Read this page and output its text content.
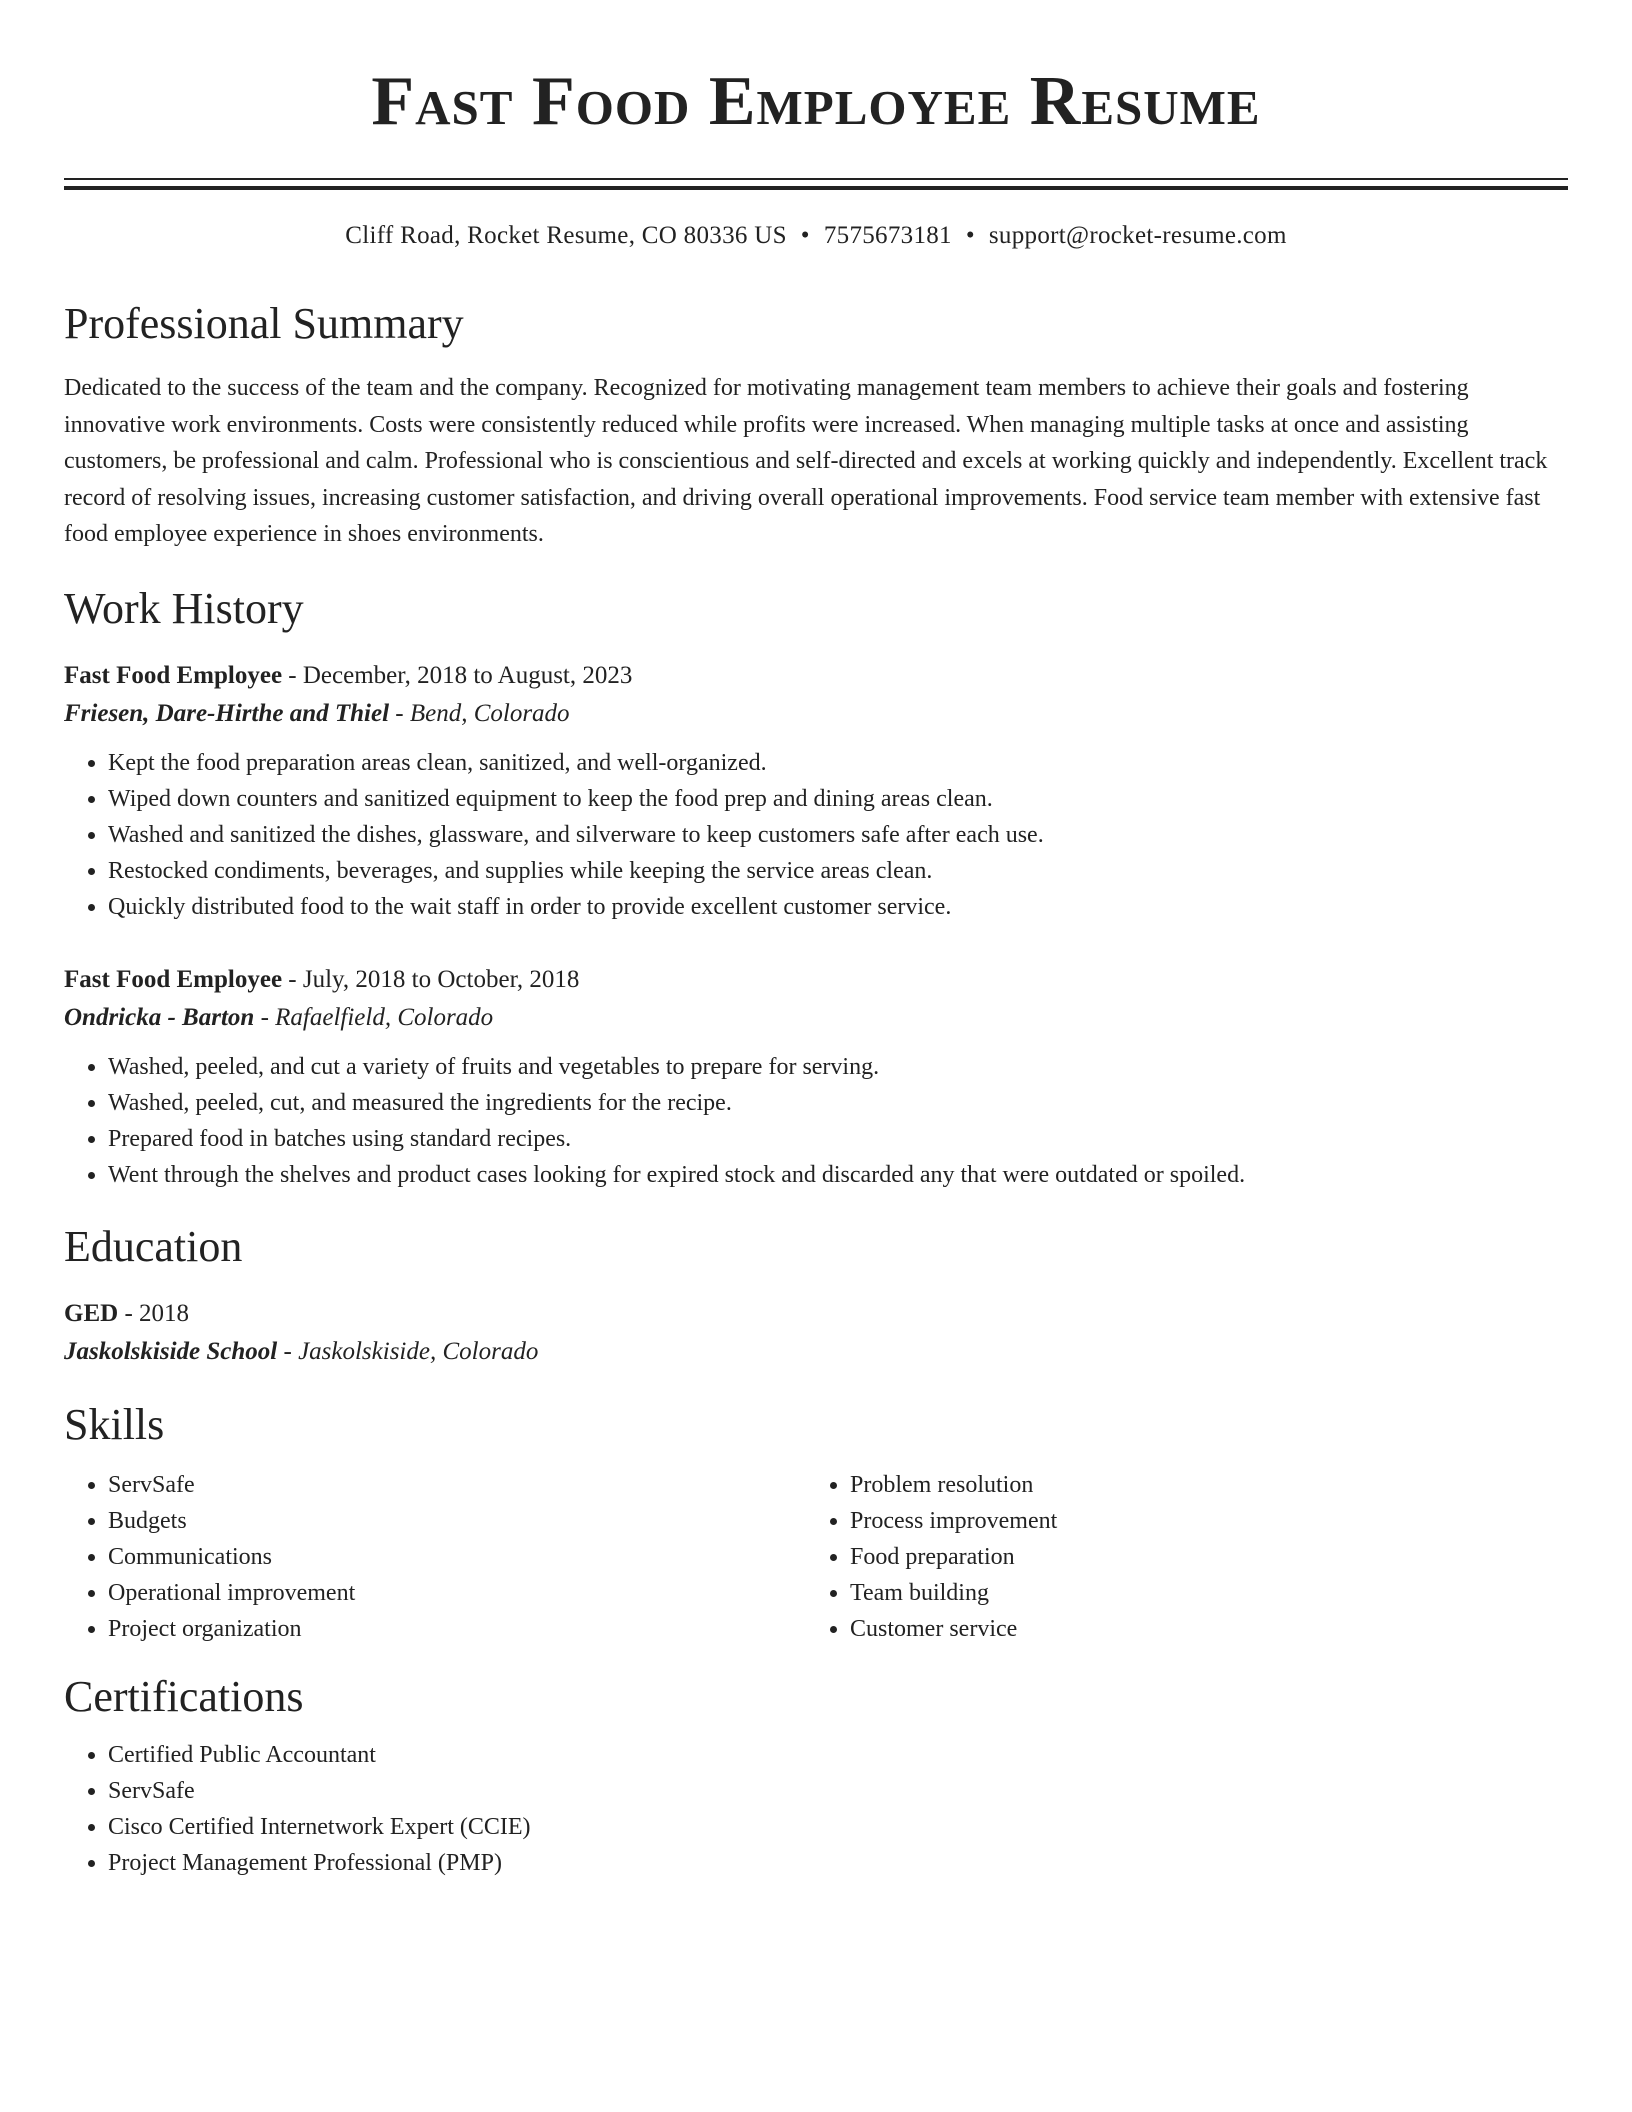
Fast Food Employee Resume
Cliff Road, Rocket Resume, CO 80336 US • 7575673181 • support@rocket-resume.com
Professional Summary

Dedicated to the success of the team and the company. Recognized for motivating management team members to achieve their goals and fostering innovative work environments. Costs were consistently reduced while profits were increased. When managing multiple tasks at once and assisting customers, be professional and calm. Professional who is conscientious and self-directed and excels at working quickly and independently. Excellent track record of resolving issues, increasing customer satisfaction, and driving overall operational improvements. Food service team member with extensive fast food employee experience in shoes environments.

Work History
Fast Food Employee - December, 2018 to August, 2023
Friesen, Dare-Hirthe and Thiel - Bend, Colorado
• Kept the food preparation areas clean, sanitized, and well-organized.
• Wiped down counters and sanitized equipment to keep the food prep and dining areas clean.
• Washed and sanitized the dishes, glassware, and silverware to keep customers safe after each use.
• Restocked condiments, beverages, and supplies while keeping the service areas clean.
• Quickly distributed food to the wait staff in order to provide excellent customer service.
Fast Food Employee - July, 2018 to October, 2018
Ondricka - Barton - Rafaelfield, Colorado
• Washed, peeled, and cut a variety of fruits and vegetables to prepare for serving.
• Washed, peeled, cut, and measured the ingredients for the recipe.
• Prepared food in batches using standard recipes.
• Went through the shelves and product cases looking for expired stock and discarded any that were outdated or spoiled.
Education
GED - 2018
Jaskolskiside School - Jaskolskiside, Colorado
Skills
• ServSafe
• Budgets
• Communications
• Operational improvement
• Project organization
• Problem resolution
• Process improvement
• Food preparation
• Team building
• Customer service
Certifications
• Certified Public Accountant
• ServSafe
• Cisco Certified Internetwork Expert (CCIE)
• Project Management Professional (PMP)
